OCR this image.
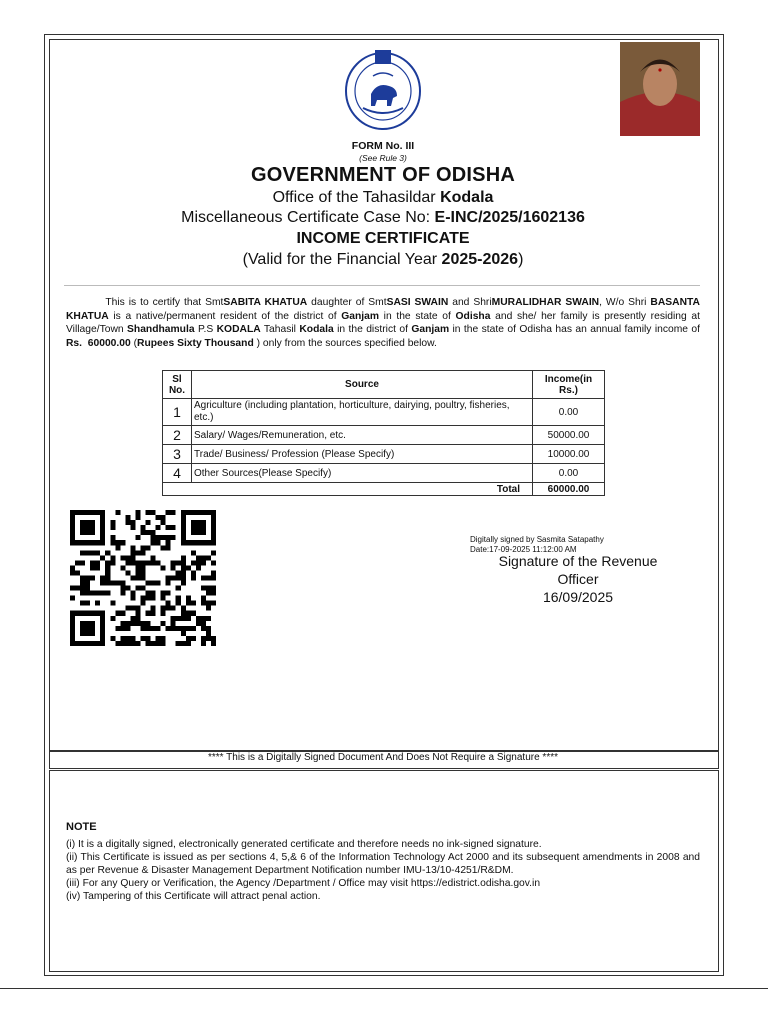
FORM No. III
(See Rule 3)
GOVERNMENT OF ODISHA
Office of the Tahasildar Kodala
Miscellaneous Certificate Case No: E-INC/2025/1602136
INCOME CERTIFICATE
(Valid for the Financial Year 2025-2026)
This is to certify that SmtSABITA KHATUA daughter of SmtSASI SWAIN and ShriMURALIDHAR SWAIN, W/o Shri BASANTA KHATUA is a native/permanent resident of the district of Ganjam in the state of Odisha and she/ her family is presently residing at Village/Town Shandhamula P.S KODALA Tahasil Kodala in the district of Ganjam in the state of Odisha has an annual family income of Rs. 60000.00 (Rupees Sixty Thousand ) only from the sources specified below.
Sl No.	Source	Income(in Rs.)
1	Agriculture (including plantation, horticulture, dairying, poultry, fisheries, etc.)	0.00
2	Salary/ Wages/Remuneration, etc.	50000.00
3	Trade/ Business/ Profession (Please Specify)	10000.00
4	Other Sources(Please Specify)	0.00
Total		60000.00
Digitally signed by Sasmita Satapathy
Date:17-09-2025 11:12:00 AM
Signature of the Revenue
Officer
16/09/2025
**** This is a Digitally Signed Document And Does Not Require a Signature ****
NOTE

(i) It is a digitally signed, electronically generated certificate and therefore needs no ink-signed signature.

(ii) This Certificate is issued as per sections 4, 5,& 6 of the Information Technology Act 2000 and its subsequent amendments in 2008 and as per Revenue & Disaster Management Department Notification number IMU-13/10-4251/R&DM.

(iii) For any Query or Verification, the Agency /Department / Office may visit https://edistrict.odisha.gov.in

(iv) Tampering of this Certificate will attract penal action.
